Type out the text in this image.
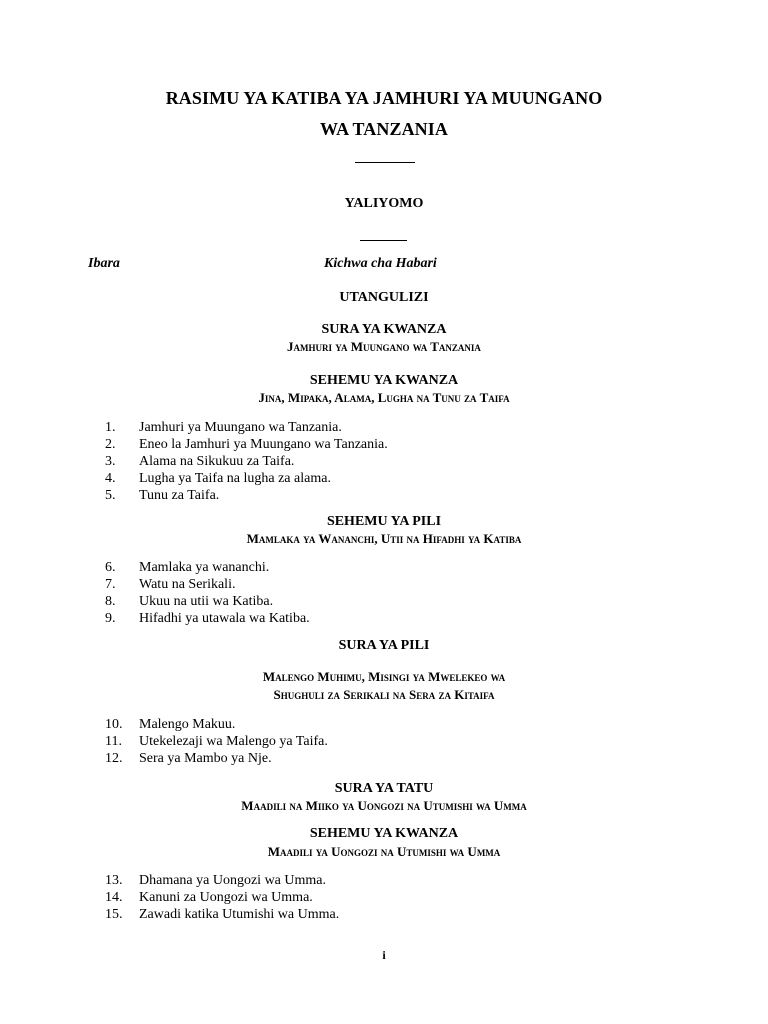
RASIMU YA KATIBA YA JAMHURI YA MUUNGANO
WA TANZANIA
YALIYOMO
Ibara	Kichwa cha Habari
UTANGULIZI
SURA YA KWANZA
Jamhuri ya Muungano wa Tanzania
SEHEMU YA KWANZA
Jina, Mipaka, Alama, Lugha na Tunu za Taifa
1. Jamhuri ya Muungano wa Tanzania.
2. Eneo la Jamhuri ya Muungano wa Tanzania.
3. Alama na Sikukuu za Taifa.
4. Lugha ya Taifa na lugha za alama.
5. Tunu za Taifa.
SEHEMU YA PILI
Mamlaka ya Wananchi, Utii na Hifadhi ya Katiba
6. Mamlaka ya wananchi.
7. Watu na Serikali.
8. Ukuu na utii wa Katiba.
9. Hifadhi ya utawala wa Katiba.
SURA YA PILI
Malengo Muhimu, Misingi ya Mwelekeo wa
Shughuli za Serikali na Sera za Kitaifa
10. Malengo Makuu.
11. Utekelezaji wa Malengo ya Taifa.
12. Sera ya Mambo ya Nje.
SURA YA TATU
Maadili na Miiko ya Uongozi na Utumishi wa Umma
SEHEMU YA KWANZA
Maadili ya Uongozi na Utumishi wa Umma
13. Dhamana ya Uongozi wa Umma.
14. Kanuni za Uongozi wa Umma.
15. Zawadi katika Utumishi wa Umma.
i
